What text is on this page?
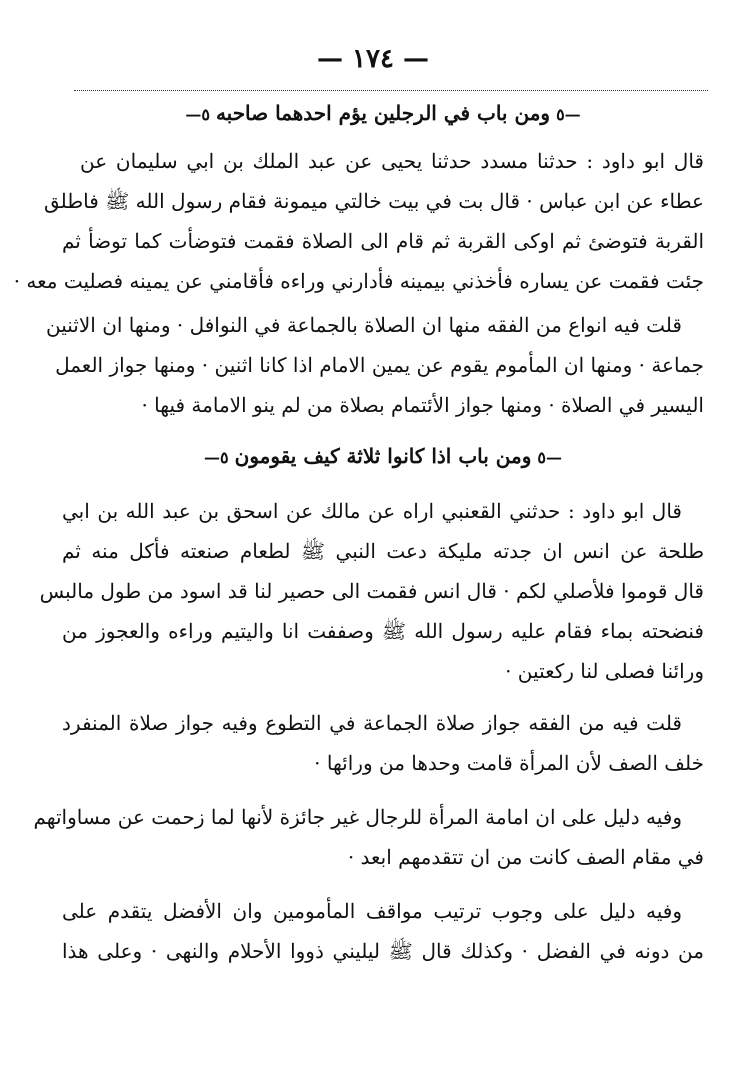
— ١٧٤ —
—٥ومن باب في الرجلين يؤم احدهما صاحبه٥—
قال ابو داود : حدثنا مسدد حدثنا يحيى عن عبد الملك بن ابي سليمان عن
عطاء عن ابن عباس · قال بت في بيت خالتي ميمونة فقام رسول الله ﷺ فاطلق
القربة فتوضئ ثم اوكى القربة ثم قام الى الصلاة فقمت فتوضأت كما توضأ ثم
جئت فقمت عن يساره فأخذني بيمينه فأدارني وراءه فأقامني عن يمينه فصليت معه ·
قلت فيه انواع من الفقه منها ان الصلاة بالجماعة في النوافل · ومنها ان الاثنين
جماعة · ومنها ان المأموم يقوم عن يمين الامام اذا كانا اثنين · ومنها جواز العمل
اليسير في الصلاة · ومنها جواز الأئتمام بصلاة من لم ينو الامامة فيها ·
—٥ومن باب اذا كانوا ثلاثة كيف يقومون٥—
قال ابو داود : حدثني القعنبي اراه عن مالك عن اسحق بن عبد الله بن ابي
طلحة عن انس ان جدته مليكة دعت النبي ﷺ لطعام صنعته فأكل منه ثم
قال قوموا فلأصلي لكم · قال انس فقمت الى حصير لنا قد اسود من طول مالبس
فنضحته بماء فقام عليه رسول الله ﷺ وصففت انا واليتيم وراءه والعجوز من
ورائنا فصلى لنا ركعتين ·
قلت فيه من الفقه جواز صلاة الجماعة في التطوع وفيه جواز صلاة المنفرد
خلف الصف لأن المرأة قامت وحدها من ورائها ·
وفيه دليل على ان امامة المرأة للرجال غير جائزة لأنها لما زحمت عن مساواتهم
في مقام الصف كانت من ان تتقدمهم ابعد ·
وفيه دليل على وجوب ترتيب مواقف المأمومين وان الأفضل يتقدم على
من دونه في الفضل · وكذلك قال ﷺ ليليني ذووا الأحلام والنهى · وعلى هذا
